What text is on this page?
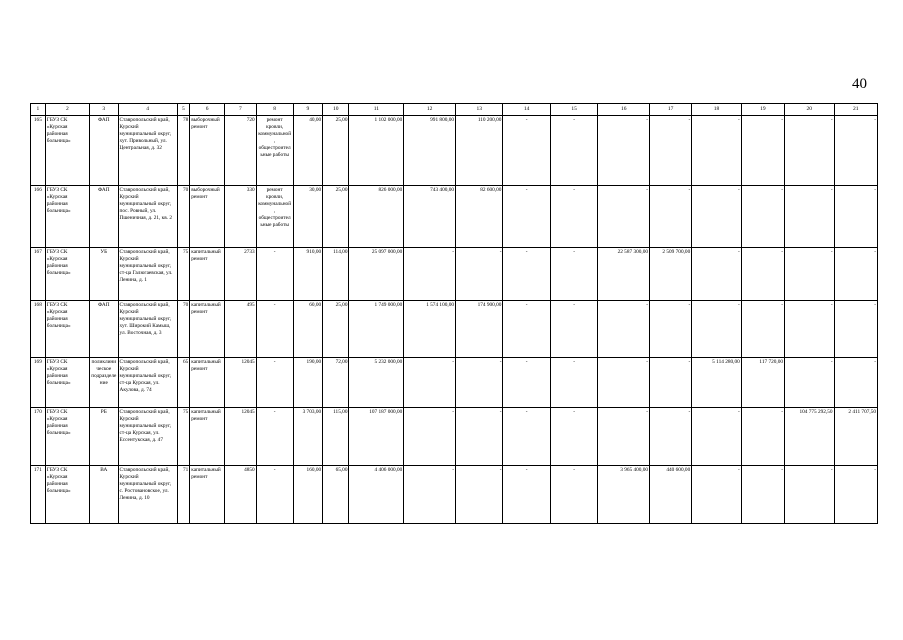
40
1	2	3	4	5	6	7	8	9	10	11	12	13	14	15	16	17	18	19	20	21
165	ГБУЗ СК «Курская районная больница»	ФАП	Ставропольский край, Курский муниципальный округ, хут. Привольный, ул. Центральная, д. 32	78	выборочный ремонт	720	ремонт кровли, коммунальной, общестроительные работы	40,00	25,00	1 102 000,00	991 800,00	110 200,00	-	-	-	-	-	-	-	-
166	ГБУЗ СК «Курская районная больница»	ФАП	Ставропольский край, Курский муниципальный округ, пос. Ровный, ул. Пшеничная, д. 21, кв. 2	70	выборочный ремонт	330	ремонт кровли, коммунальной, общестроительные работы	30,00	25,00	826 000,00	743 400,00	82 600,00	-	-	-	-	-	-	-	-
167	ГБУЗ СК «Курская районная больница»	УБ	Ставропольский край, Курский муниципальный округ, ст-ца Галюгаевская, ул. Ленина, д. 1	75	капитальный ремонт	2733	-	910,00	114,00	25 097 000,00	-	-	-	-	22 587 300,00	2 509 700,00	-	-	-	-
168	ГБУЗ СК «Курская районная больница»	ФАП	Ставропольский край, Курский муниципальный округ, хут. Широкий Камыш, ул. Восточная, д. 3	70	капитальный ремонт	495	-	60,00	25,00	1 749 000,00	1 574 100,00	174 900,00	-	-	-	-	-	-	-	-
169	ГБУЗ СК «Курская районная больница»	поликлиническое подразделение	Ставропольский край, Курский муниципальный округ, ст-ца Курская, ул. Акулова, д. 74	65	капитальный ремонт	12045	-	190,00	72,00	5 232 000,00	-	-	-	-	-	-	5 114 280,00	117 720,00	-	-
170	ГБУЗ СК «Курская районная больница»	РБ	Ставропольский край, Курский муниципальный округ, ст-ца Курская, ул. Ессентукская, д. 47	75	капитальный ремонт	12045	-	3 703,00	115,00	107 187 000,00	-	-	-	-	-	-	-	-	104 775 292,50	2 411 707,50
171	ГБУЗ СК «Курская районная больница»	ВА	Ставропольский край, Курский муниципальный округ, с. Ростовановское, ул. Ленина, д. 10	71	капитальный ремонт	4850	-	160,00	65,00	4 406 000,00	-	-	-	-	3 965 400,00	440 600,00	-	-	-	-
